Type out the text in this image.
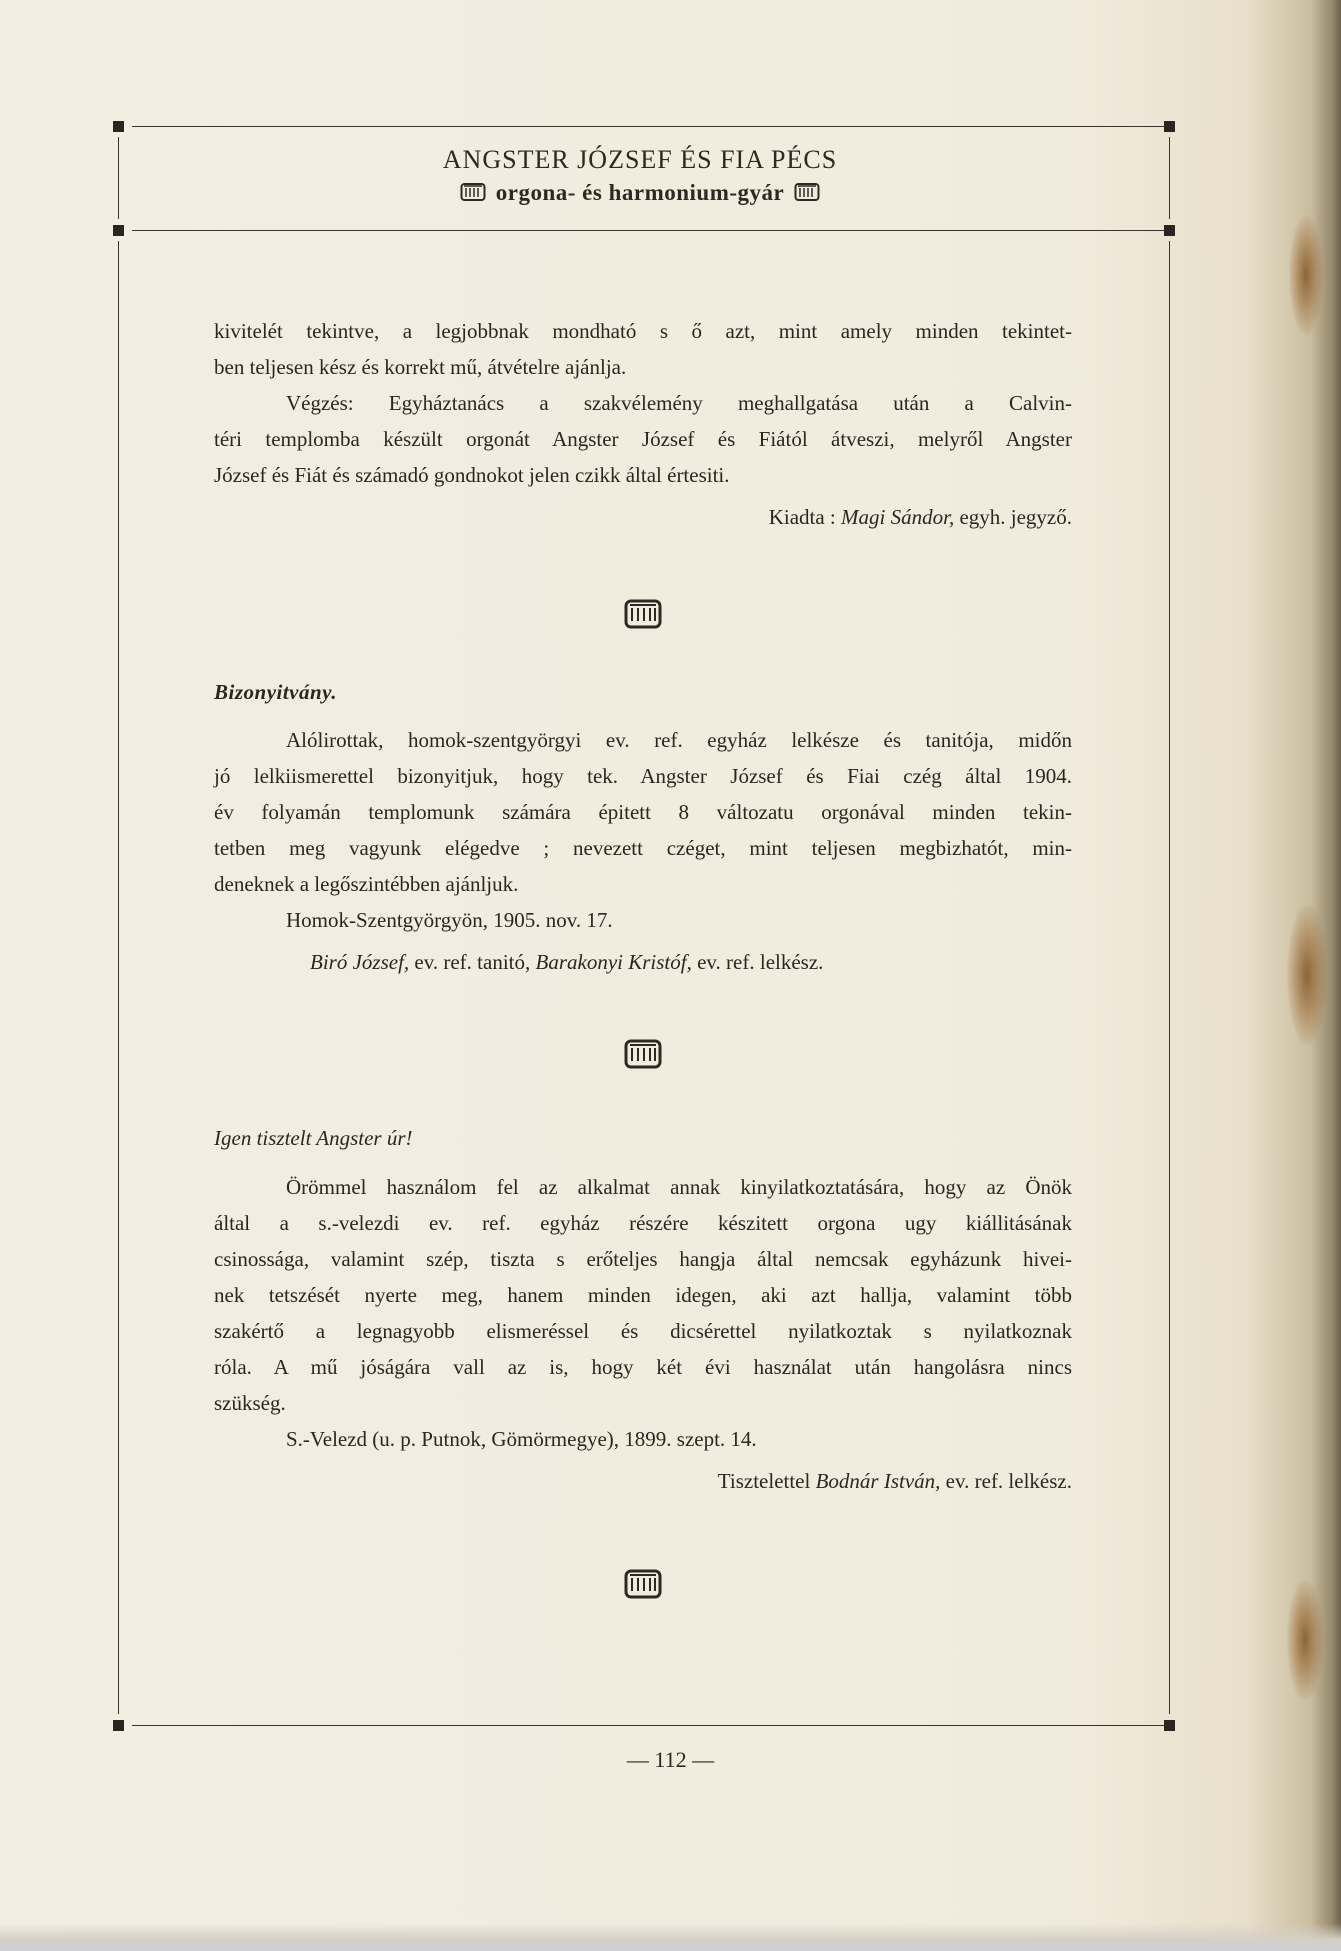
ANGSTER JÓZSEF ÉS FIA PÉCS
orgona- és harmonium-gyár
kivitelét tekintve, a legjobbnak mondható s ő azt, mint amely minden tekintet-
ben teljesen kész és korrekt mű, átvételre ajánlja.
Végzés: Egyháztanács a szakvélemény meghallgatása után a Calvin-
téri templomba készült orgonát Angster József és Fiától átveszi, melyről Angster
József és Fiát és számadó gondnokot jelen czikk által értesiti.
Kiadta : Magi Sándor, egyh. jegyző.
Bizonyitvány.
Alólirottak, homok-szentgyörgyi ev. ref. egyház lelkésze és tanitója, midőn
jó lelkiismerettel bizonyitjuk, hogy tek. Angster József és Fiai czég által 1904.
év folyamán templomunk számára épitett 8 változatu orgonával minden tekin-
tetben meg vagyunk elégedve ; nevezett czéget, mint teljesen megbizhatót, min-
deneknek a legőszintébben ajánljuk.
Homok-Szentgyörgyön, 1905. nov. 17.
Biró József, ev. ref. tanitó, Barakonyi Kristóf, ev. ref. lelkész.
Igen tisztelt Angster úr!
Örömmel használom fel az alkalmat annak kinyilatkoztatására, hogy az Önök
által a s.-velezdi ev. ref. egyház részére készitett orgona ugy kiállitásának
csinossága, valamint szép, tiszta s erőteljes hangja által nemcsak egyházunk hivei-
nek tetszését nyerte meg, hanem minden idegen, aki azt hallja, valamint több
szakértő a legnagyobb elismeréssel és dicsérettel nyilatkoztak s nyilatkoznak
róla. A mű jóságára vall az is, hogy két évi használat után hangolásra nincs
szükség.
S.-Velezd (u. p. Putnok, Gömörmegye), 1899. szept. 14.
Tisztelettel Bodnár István, ev. ref. lelkész.
— 112 —
